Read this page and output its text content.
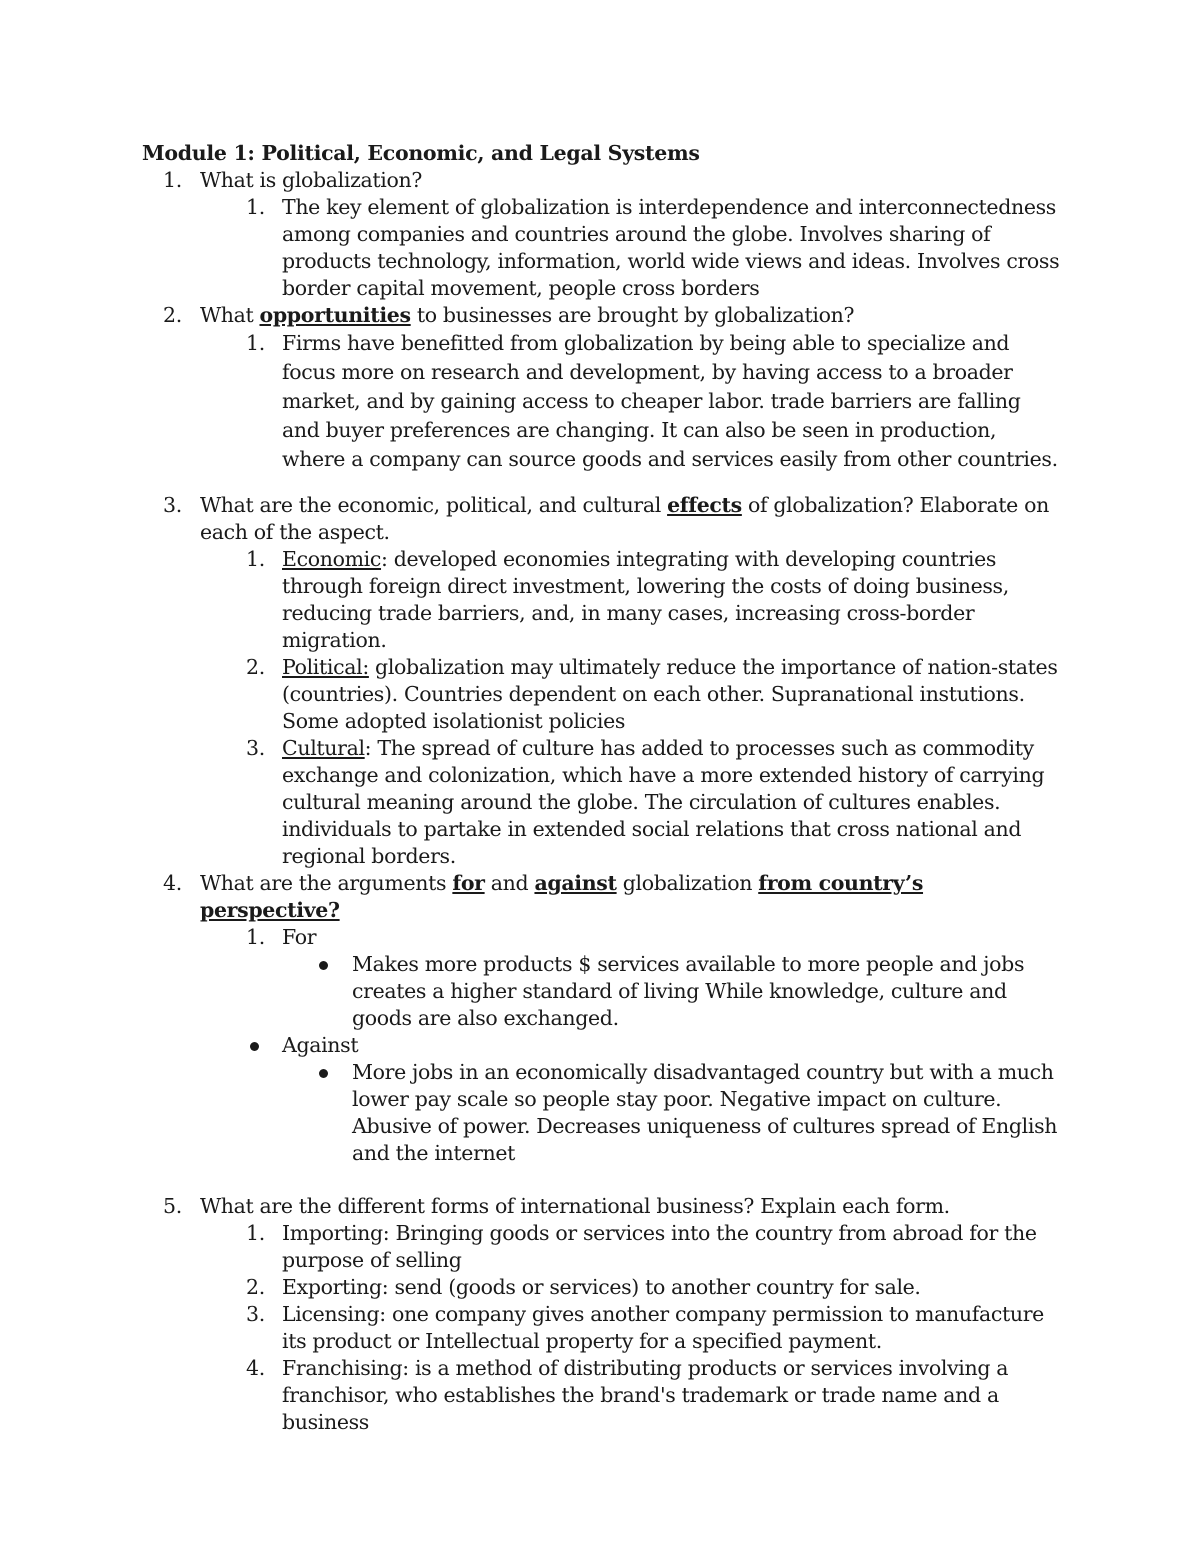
Module 1: Political, Economic, and Legal Systems
1. What is globalization?
1. The key element of globalization is interdependence and interconnectedness among companies and countries around the globe. Involves sharing of products technology, information, world wide views and ideas. Involves cross border capital movement, people cross borders
2. What opportunities to businesses are brought by globalization?
1. Firms have benefitted from globalization by being able to specialize and focus more on research and development, by having access to a broader market, and by gaining access to cheaper labor. trade barriers are falling and buyer preferences are changing. It can also be seen in production, where a company can source goods and services easily from other countries.
3. What are the economic, political, and cultural effects of globalization? Elaborate on each of the aspect.
1. Economic: developed economies integrating with developing countries through foreign direct investment, lowering the costs of doing business, reducing trade barriers, and, in many cases, increasing cross-border migration.
2. Political: globalization may ultimately reduce the importance of nation-states (countries). Countries dependent on each other. Supranational instutions. Some adopted isolationist policies
3. Cultural: The spread of culture has added to processes such as commodity exchange and colonization, which have a more extended history of carrying cultural meaning around the globe. The circulation of cultures enables. individuals to partake in extended social relations that cross national and regional borders.
4. What are the arguments for and against globalization from country’s perspective?
1. For
Makes more products $ services available to more people and jobs creates a higher standard of living While knowledge, culture and goods are also exchanged.
Against
More jobs in an economically disadvantaged country but with a much lower pay scale so people stay poor. Negative impact on culture. Abusive of power. Decreases uniqueness of cultures spread of English and the internet
5. What are the different forms of international business? Explain each form.
1. Importing: Bringing goods or services into the country from abroad for the purpose of selling
2. Exporting: send (goods or services) to another country for sale.
3. Licensing: one company gives another company permission to manufacture its product or Intellectual property for a specified payment.
4. Franchising: is a method of distributing products or services involving a franchisor, who establishes the brand's trademark or trade name and a business
